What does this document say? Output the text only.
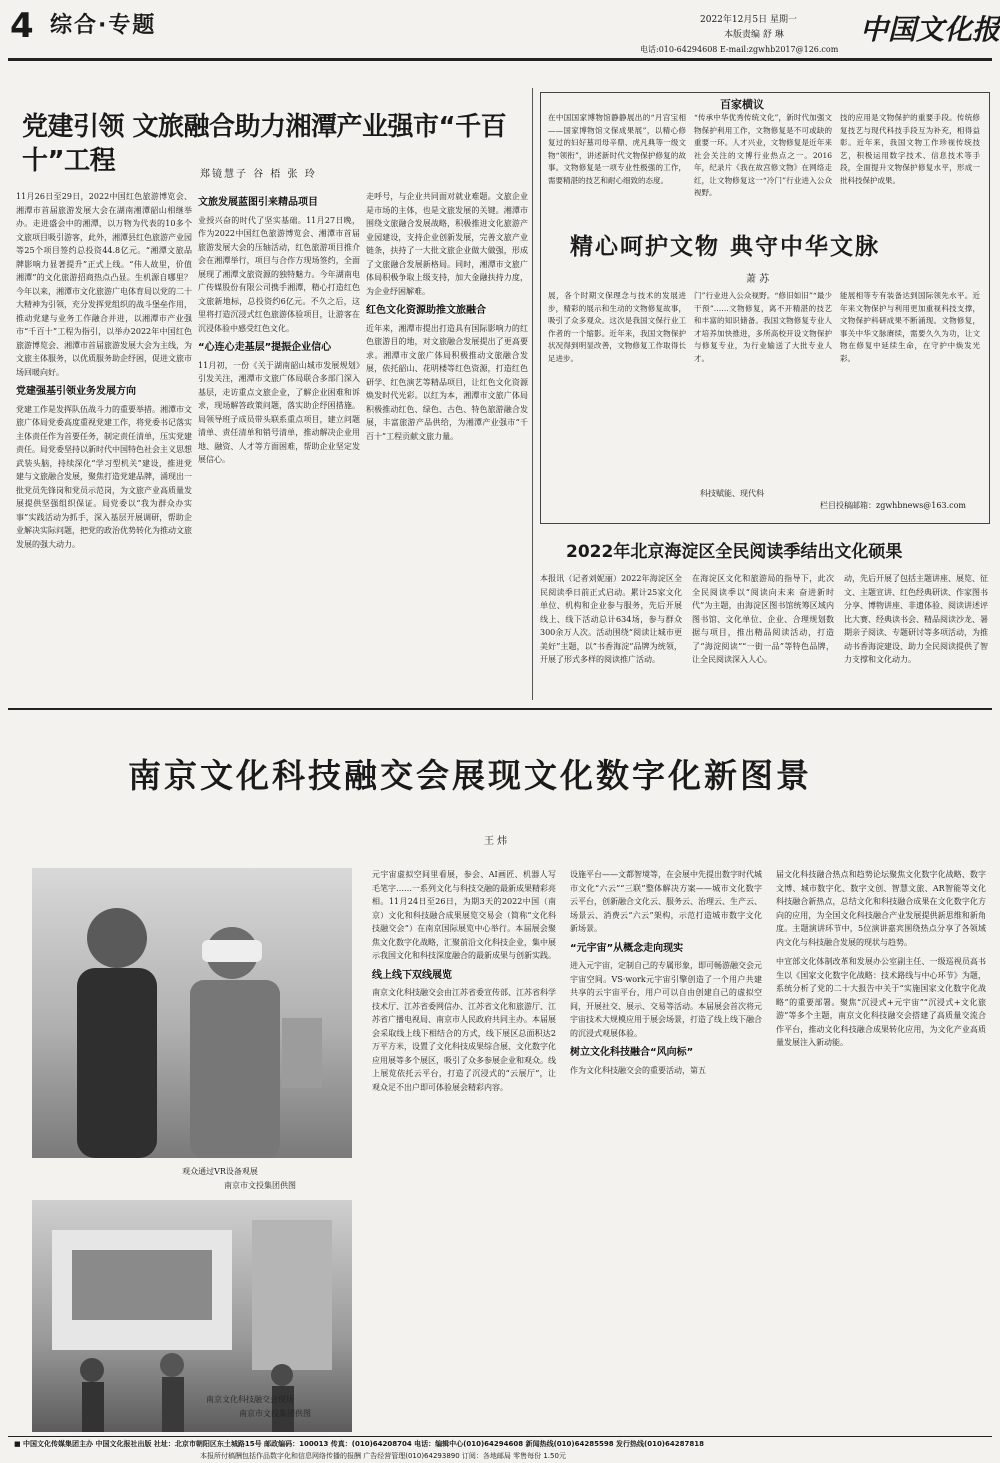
4 综合·专题	2022年12月5日 星期一
本版责编 舒 琳
电话:010-64294608 E-mail:zgwhb2017@126.com
中国文化报
党建引领 文旅融合助力湘潭产业强市“千百十”工程	郑镜慧子 谷 梧 张 玲
11月26日至29日，2022中国红色旅游博览会、湘潭市首届旅游发展大会在湖南湘潭韶山相继举办。走进盛会中的湘潭，以万物为代表的10多个文旅项目吸引游客，此外，湘潭县红色旅游产业园等25个项目签约总投资44.8亿元。“湘潭文旅品牌影响力显著提升”正式上线。“伟人故里，价值湘潭”的文化旅游招商热点凸显。生机源自哪里？今年以来，湘潭市文化旅游广电体育局以党的二十大精神为引领，充分发挥党组织的战斗堡垒作用，推动党建与业务工作融合并进，以湘潭市产业强市“千百十”工程为指引，以举办2022年中国红色旅游博览会、湘潭市首届旅游发展大会为主线，为文旅主体服务，以优质服务助企纾困，促进文旅市场回暖向好。
党建强基引领业务发展方向
党建工作是发挥队伍战斗力的重要举措。湘潭市文旅广体局党委高度重视党建工作，将党委书记落实主体责任作为首要任务，制定责任清单，压实党建责任。局党委坚持以新时代中国特色社会主义思想武装头脑，持续深化“学习型机关”建设，推进党建与文旅融合发展，聚焦打造党建品牌，涌现出一批党员先锋岗和党员示范岗，为文旅产业高质量发展提供坚强组织保证。局党委以“我为群众办实事”实践活动为抓手，深入基层开展调研，帮助企业解决实际问题，把党的政治优势转化为推动文旅发展的强大动力。
文旅发展蓝图引来精品项目
业授兴奋的时代了坚实基础。11月27日晚，作为2022中国红色旅游博览会、湘潭市首届旅游发展大会的压轴活动，红色旅游项目推介会在湘潭举行，项目与合作方现场签约，全面展现了湘潭文旅资源的独特魅力。今年湖南电广传媒股份有限公司携手湘潭，精心打造红色文旅新地标，总投资约6亿元。不久之后，这里将打造沉浸式红色旅游体验项目，让游客在沉浸体验中感受红色文化。
“心连心走基层”提振企业信心
11月初，一份《关于湖南韶山城市发展规划》引发关注，湘潭市文旅广体局联合多部门深入基层，走访重点文旅企业，了解企业困难和诉求，现场解答政策问题，落实助企纾困措施。局领导班子成员带头联系重点项目，建立问题清单、责任清单和销号清单，推动解决企业用地、融资、人才等方面困难，帮助企业坚定发展信心。
走呼号，与企业共同面对就业难题。文旅企业是市场的主体，也是文旅发展的关键。湘潭市围绕文旅融合发展战略，积极推进文化旅游产业园建设，支持企业创新发展，完善文旅产业链条，扶持了一大批文旅企业做大做强，形成了文旅融合发展新格局。同时，湘潭市文旅广体局积极争取上级支持，加大金融扶持力度，为企业纾困解难。
红色文化资源助推文旅融合
近年来，湘潭市提出打造具有国际影响力的红色旅游目的地，对文旅融合发展提出了更高要求。湘潭市文旅广体局积极推动文旅融合发展，依托韶山、花明楼等红色资源，打造红色研学、红色演艺等精品项目，让红色文化资源焕发时代光彩。以红为本，湘潭市文旅广体局积极推动红色、绿色、古色、特色旅游融合发展，丰富旅游产品供给，为湘潭产业强市“千百十”工程贡献文旅力量。
百家横议
在中国国家博物馆静静展出的“月宫宝相——国家博物馆文保成果展”，以精心修复过的妇好墓司母辛鼎、虎凡典等一级文物“领衔”，讲述新时代文物保护修复的故事。文物修复是一项专业性极强的工作，需要精湛的技艺和耐心细致的态度。
“传承中华优秀传统文化”，新时代加强文物保护利用工作，文物修复是不可或缺的重要一环。人才兴业，文物修复是近年来社会关注的文博行业热点之一。2016年，纪录片《我在故宫修文物》在网络走红，让文物修复这一“冷门”行业进入公众视野。
技的应用是文物保护的重要手段。传统修复技艺与现代科技手段互为补充，相得益彰。近年来，我国文物工作珍视传统技艺，积极运用数字技术、信息技术等手段，全面提升文物保护修复水平，形成一批科技保护成果。
精心呵护文物 典守中华文脉
萧 苏
展，各个时期文保理念与技术的发展进步，精彩的展示和生动的文物修复故事，吸引了众多观众。这次是我国文保行业工作者的一个缩影。近年来，我国文物保护状况得到明显改善，文物修复工作取得长足进步。
门”行业进入公众视野。“修旧如旧”“最少干预”……文物修复，离不开精湛的技艺和丰富的知识储备。我国文物修复专业人才培养加快推进，多所高校开设文物保护与修复专业，为行业输送了大批专业人才。
能展相等专有装备达到国际领先水平。近年来文物保护与利用更加重视科技支撑，文物保护科研成果不断涌现。文物修复，事关中华文脉赓续，需要久久为功，让文物在修复中延续生命，在守护中焕发光彩。
科技赋能、现代科
栏目投稿邮箱：zgwhbnews@163.com
2022年北京海淀区全民阅读季结出文化硕果
本报讯（记者刘妮丽）2022年海淀区全民阅读季日前正式启动。累计25家文化单位、机构和企业参与服务，先后开展线上、线下活动总计634场，参与群众300余万人次。活动围绕“阅读让城市更美好”主题，以“书香海淀”品牌为统领，开展了形式多样的阅读推广活动。
在海淀区文化和旅游局的指导下，此次全民阅读季以“阅读向未来 奋进新时代”为主题，由海淀区图书馆统筹区域内图书馆、文化单位、企业、合理规划数据与项目，推出精品阅读活动，打造了“海淀阅读”“一街一品”等特色品牌，让全民阅读深入人心。
动，先后开展了包括主题讲座、展览、征文、主题宣讲、红色经典研读、作家图书分享、博物讲座、非遗体验、阅读讲述评比大赛、经典读书会、精品阅读沙龙、暑期亲子阅读、专题研讨等多项活动，为推动书香海淀建设、助力全民阅读提供了智力支撑和文化动力。
南京文化科技融交会展现文化数字化新图景
王 炜
观众通过VR设备观展
南京市文投集团供图
南京文化科技融交会现场
南京市文投集团供图
元宇宙虚拟空间里看展，参会、AI画匠、机器人写毛笔字……一系列文化与科技交融的最新成果精彩亮相。11月24日至26日，为期3天的2022中国（南京）文化和科技融合成果展览交易会（简称“文化科技融交会”）在南京国际展览中心举行。本届展会聚焦文化数字化战略，汇聚前沿文化科技企业，集中展示我国文化和科技深度融合的最新成果与创新实践。
线上线下双线展览
南京文化科技融交会由江苏省委宣传部、江苏省科学技术厅、江苏省委网信办、江苏省文化和旅游厅、江苏省广播电视局、南京市人民政府共同主办。本届展会采取线上线下相结合的方式，线下展区总面积达2万平方米，设置了文化科技成果综合展、文化数字化应用展等多个展区，吸引了众多参展企业和观众。线上展览依托云平台，打造了沉浸式的“云展厅”，让观众足不出户即可体验展会精彩内容。
设施平台——文都智境等，在会展中先提出数字时代城市文化“六云”“三联”整体解决方案——城市文化数字云平台，创新融合文化云、服务云、治理云、生产云、场景云、消费云“六云”架构，示范打造城市数字文化新场景。
“元宇宙”从概念走向现实
进入元宇宙，定制自己的专属形象，即可畅游融交会元宇宙空间。VS·work元宇宙引擎创造了一个用户共建共享的云宇宙平台，用户可以自由创建自己的虚拟空间，开展社交、展示、交易等活动。本届展会首次将元宇宙技术大规模应用于展会场景，打造了线上线下融合的沉浸式观展体验。
树立文化科技融合“风向标”
作为文化科技融交会的重要活动，第五
届文化科技融合热点和趋势论坛聚焦文化数字化战略、数字文博、城市数字化、数字文创、智慧文旅、AR智能等文化科技融合新热点，总结文化和科技融合成果在文化数字化方向的应用，为全国文化科技融合产业发展提供新思维和新角度。主题演讲环节中，5位演讲嘉宾围绕热点分享了各领域内文化与科技融合发展的现状与趋势。
中宣部文化体制改革和发展办公室副主任、一级巡视员高书生以《国家文化数字化战略：技术路线与中心环节》为题，系统分析了党的二十大报告中关于“实施国家文化数字化战略”的重要部署。聚焦“沉浸式+元宇宙”“沉浸式+文化旅游”等多个主题，南京文化科技融交会搭建了高质量交流合作平台，推动文化科技融合成果转化应用，为文化产业高质量发展注入新动能。
■ 中国文化传媒集团主办 中国文化报社出版 社址：北京市朝阳区东土城路15号 邮政编码：100013 传真：(010)64208704 电话：编辑中心(010)64294608 新闻热线(010)64285598 发行热线(010)64287818
本报所付稿酬包括作品数字化和信息网络传播的报酬 广告经营管理(010)64293890 订阅：各地邮局 零售每份 1.50元
